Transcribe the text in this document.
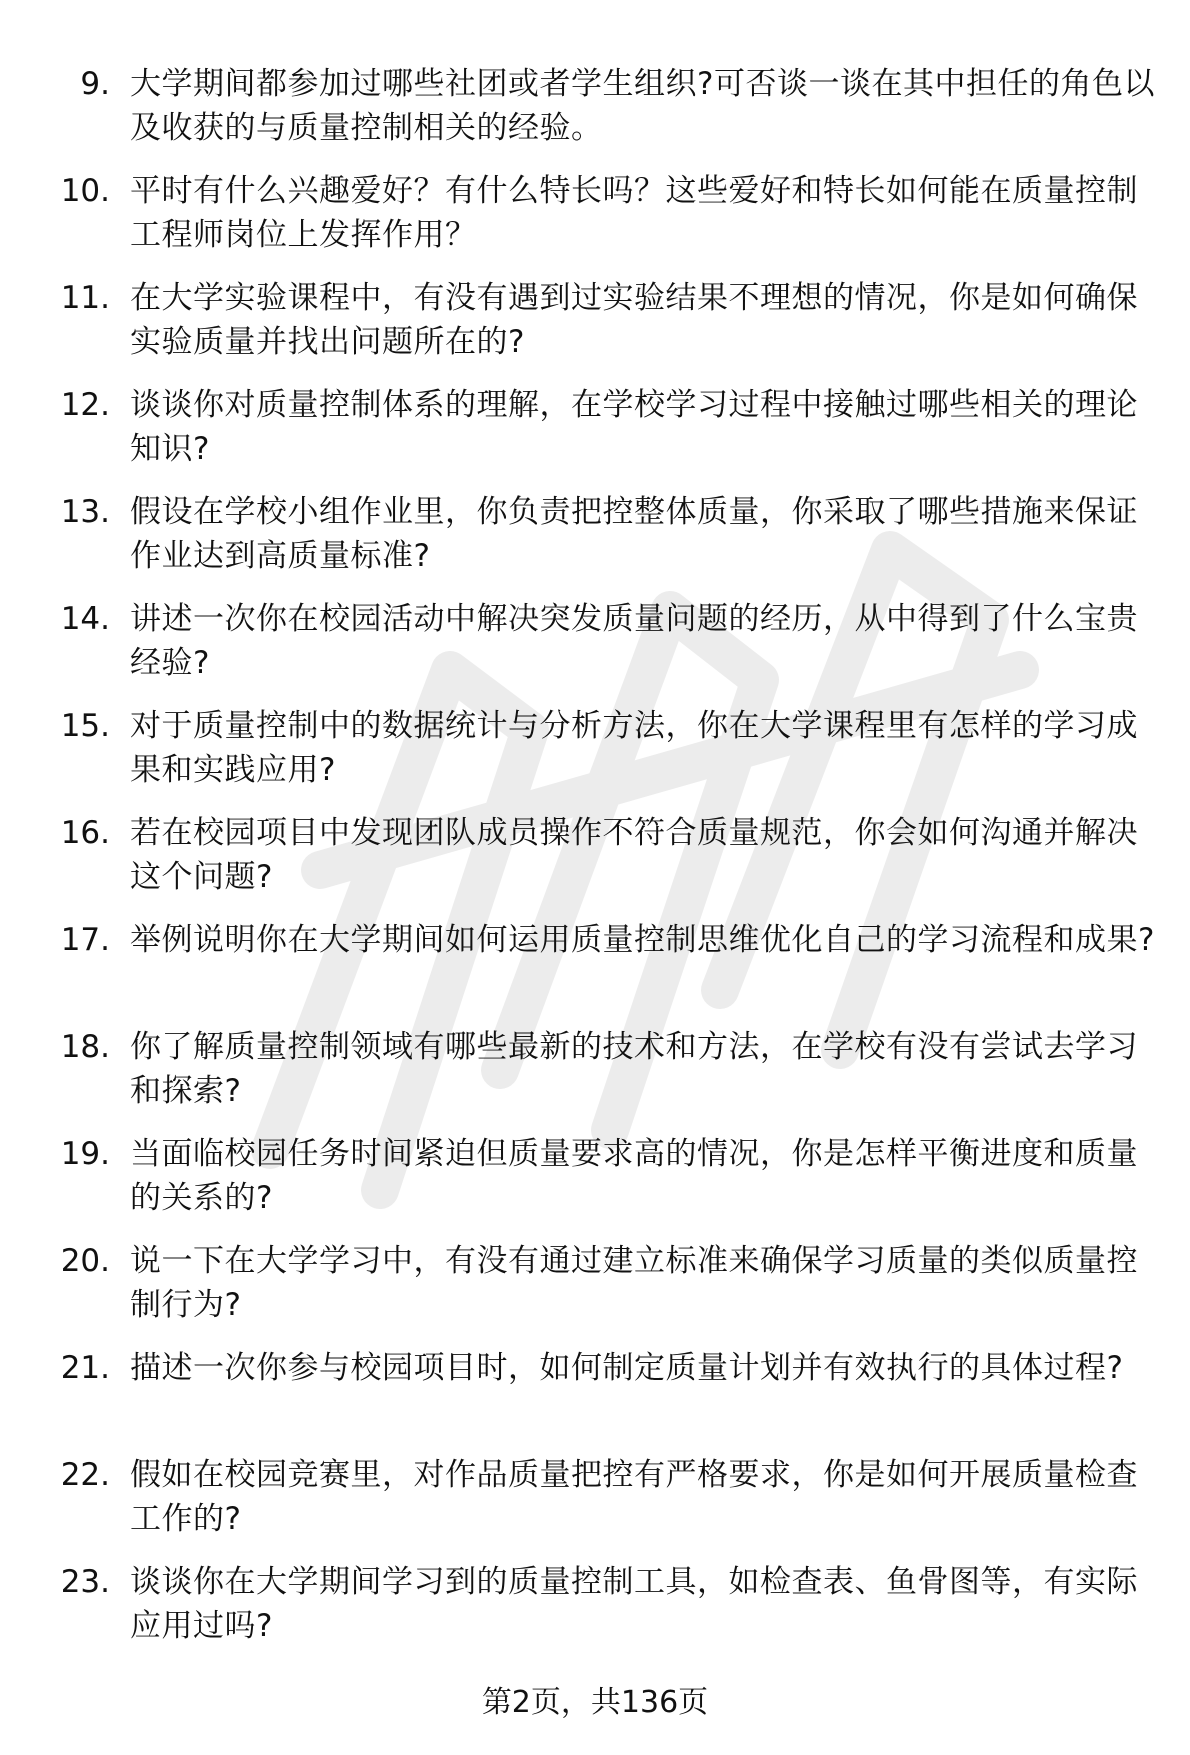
9. 大学期间都参加过哪些社团或者学生组织?可否谈一谈在其中担任的角色以及收获的与质量控制相关的经验。
10. 平时有什么兴趣爱好？有什么特长吗？这些爱好和特长如何能在质量控制工程师岗位上发挥作用？
11. 在大学实验课程中，有没有遇到过实验结果不理想的情况，你是如何确保实验质量并找出问题所在的?
12. 谈谈你对质量控制体系的理解，在学校学习过程中接触过哪些相关的理论知识?
13. 假设在学校小组作业里，你负责把控整体质量，你采取了哪些措施来保证作业达到高质量标准?
14. 讲述一次你在校园活动中解决突发质量问题的经历，从中得到了什么宝贵经验?
15. 对于质量控制中的数据统计与分析方法，你在大学课程里有怎样的学习成果和实践应用?
16. 若在校园项目中发现团队成员操作不符合质量规范，你会如何沟通并解决这个问题?
17. 举例说明你在大学期间如何运用质量控制思维优化自己的学习流程和成果?
18. 你了解质量控制领域有哪些最新的技术和方法，在学校有没有尝试去学习和探索?
19. 当面临校园任务时间紧迫但质量要求高的情况，你是怎样平衡进度和质量的关系的?
20. 说一下在大学学习中，有没有通过建立标准来确保学习质量的类似质量控制行为?
21. 描述一次你参与校园项目时，如何制定质量计划并有效执行的具体过程?
22. 假如在校园竞赛里，对作品质量把控有严格要求，你是如何开展质量检查工作的?
23. 谈谈你在大学期间学习到的质量控制工具，如检查表、鱼骨图等，有实际应用过吗?
第2页，共136页
